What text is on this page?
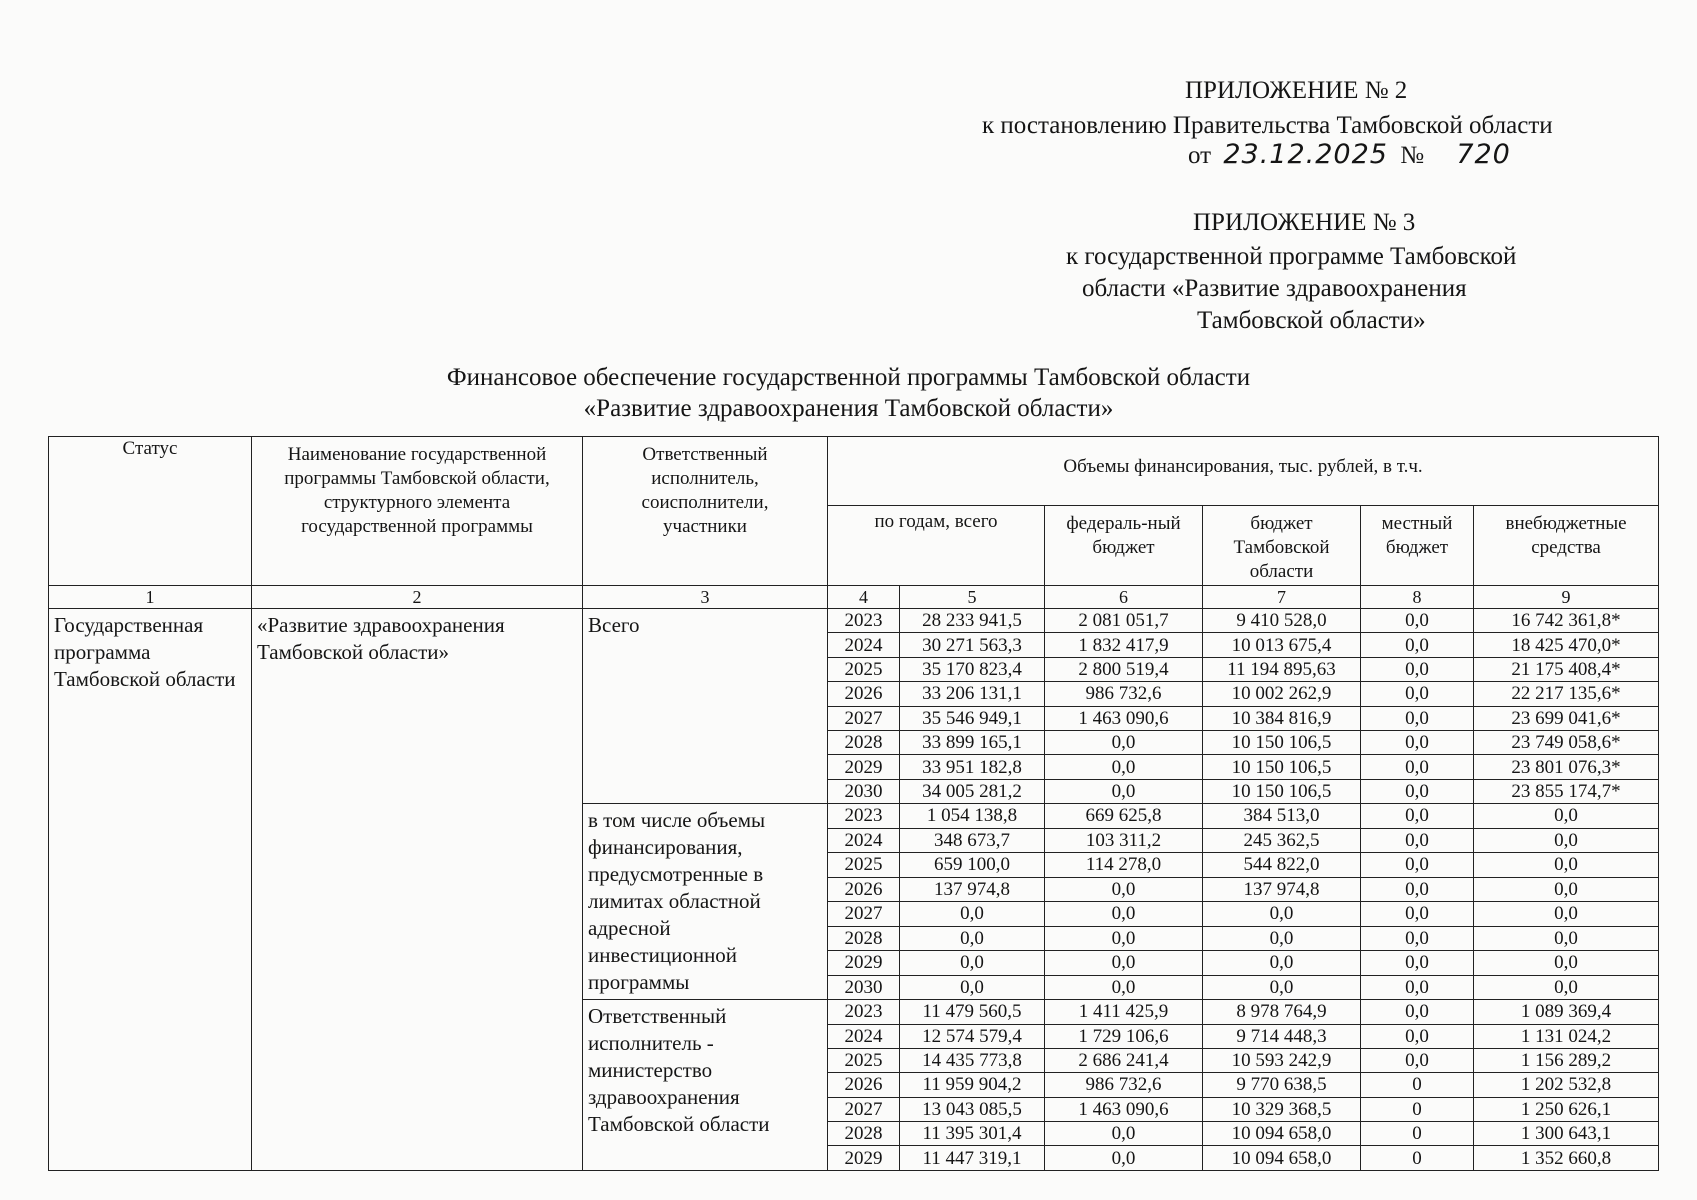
ПРИЛОЖЕНИЕ № 2
к постановлению Правительства Тамбовской области
от 23.12.2025 № 720
ПРИЛОЖЕНИЕ № 3
к государственной программе Тамбовской
области «Развитие здравоохранения
Тамбовской области»
Финансовое обеспечение государственной программы Тамбовской области
«Развитие здравоохранения Тамбовской области»
Статус	Наименование государственной программы Тамбовской области, структурного элемента государственной программы	Ответственный исполнитель, соисполнители, участники	Объемы финансирования, тыс. рублей, в т.ч.					
			по годам, всего		федераль-ный бюджет	бюджет Тамбовской области	местный бюджет	внебюджетные средства
1	2	3	4	5	6	7	8	9
Государственная программа Тамбовской области	«Развитие здравоохранения Тамбовской области»	Всего	2023	28 233 941,5	2 081 051,7	9 410 528,0	0,0	16 742 361,8*
			2024	30 271 563,3	1 832 417,9	10 013 675,4	0,0	18 425 470,0*
			2025	35 170 823,4	2 800 519,4	11 194 895,63	0,0	21 175 408,4*
			2026	33 206 131,1	986 732,6	10 002 262,9	0,0	22 217 135,6*
			2027	35 546 949,1	1 463 090,6	10 384 816,9	0,0	23 699 041,6*
			2028	33 899 165,1	0,0	10 150 106,5	0,0	23 749 058,6*
			2029	33 951 182,8	0,0	10 150 106,5	0,0	23 801 076,3*
			2030	34 005 281,2	0,0	10 150 106,5	0,0	23 855 174,7*
		в том числе объемы финансирования, предусмотренные в лимитах областной адресной инвестиционной программы	2023	1 054 138,8	669 625,8	384 513,0	0,0	0,0
			2024	348 673,7	103 311,2	245 362,5	0,0	0,0
			2025	659 100,0	114 278,0	544 822,0	0,0	0,0
			2026	137 974,8	0,0	137 974,8	0,0	0,0
			2027	0,0	0,0	0,0	0,0	0,0
			2028	0,0	0,0	0,0	0,0	0,0
			2029	0,0	0,0	0,0	0,0	0,0
			2030	0,0	0,0	0,0	0,0	0,0
		Ответственный исполнитель - министерство здравоохранения Тамбовской области	2023	11 479 560,5	1 411 425,9	8 978 764,9	0,0	1 089 369,4
			2024	12 574 579,4	1 729 106,6	9 714 448,3	0,0	1 131 024,2
			2025	14 435 773,8	2 686 241,4	10 593 242,9	0,0	1 156 289,2
			2026	11 959 904,2	986 732,6	9 770 638,5	0	1 202 532,8
			2027	13 043 085,5	1 463 090,6	10 329 368,5	0	1 250 626,1
			2028	11 395 301,4	0,0	10 094 658,0	0	1 300 643,1
			2029	11 447 319,1	0,0	10 094 658,0	0	1 352 660,8
